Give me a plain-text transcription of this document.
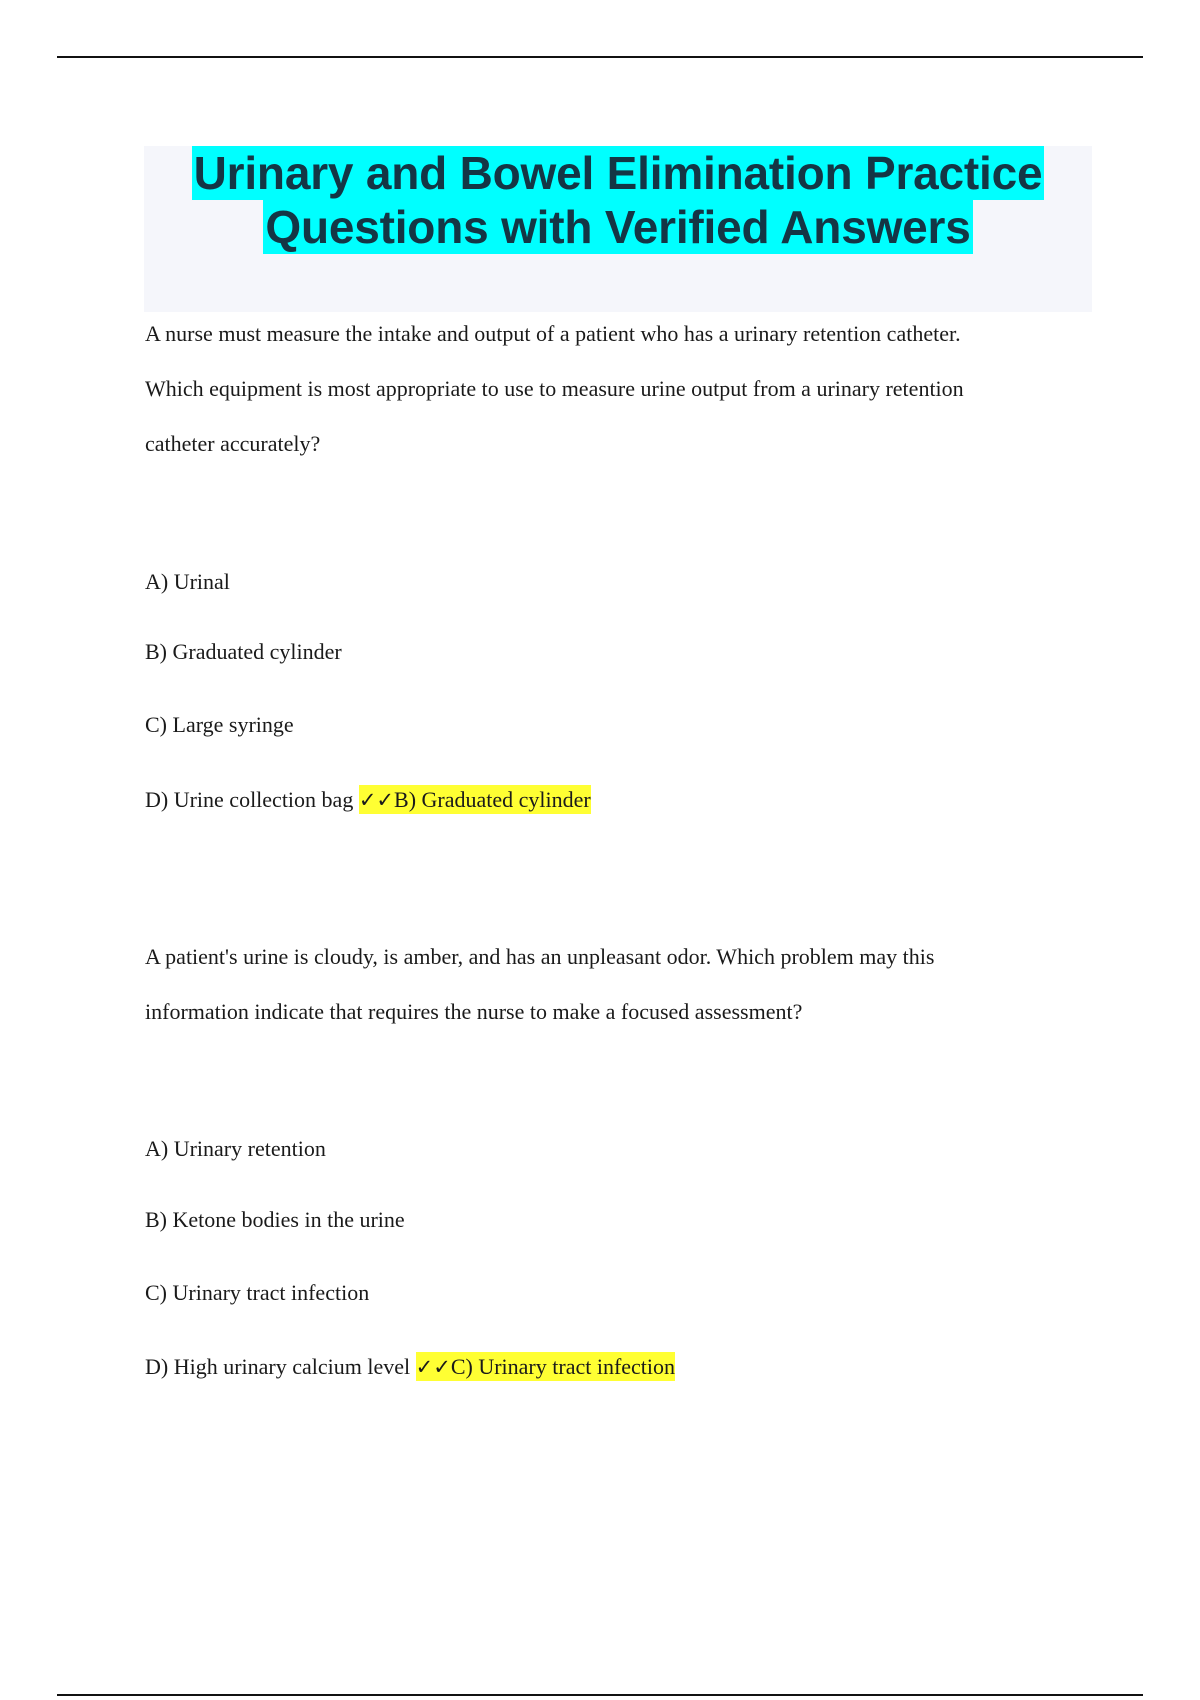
Urinary and Bowel Elimination Practice
Questions with Verified Answers

A nurse must measure the intake and output of a patient who has a urinary retention catheter.

Which equipment is most appropriate to use to measure urine output from a urinary retention

catheter accurately?

A) Urinal

B) Graduated cylinder

C) Large syringe

D) Urine collection bag ✓✓B) Graduated cylinder

A patient's urine is cloudy, is amber, and has an unpleasant odor. Which problem may this

information indicate that requires the nurse to make a focused assessment?

A) Urinary retention

B) Ketone bodies in the urine

C) Urinary tract infection

D) High urinary calcium level ✓✓C) Urinary tract infection
